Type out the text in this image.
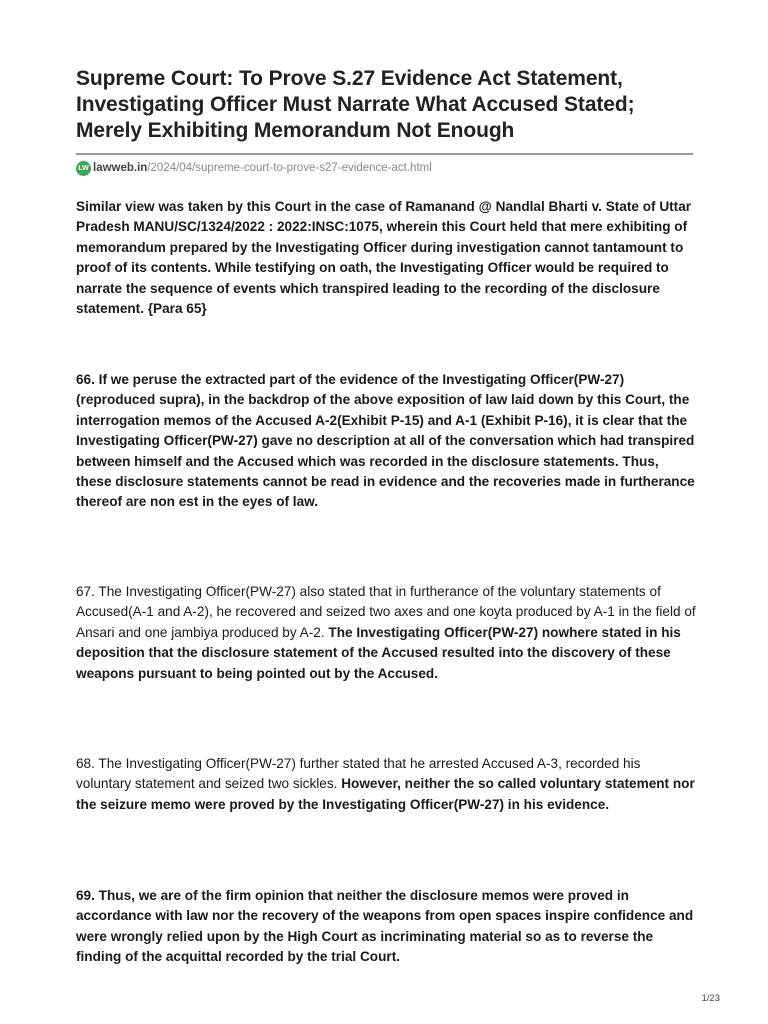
Supreme Court: To Prove S.27 Evidence Act Statement, Investigating Officer Must Narrate What Accused Stated; Merely Exhibiting Memorandum Not Enough
LW lawweb.in/2024/04/supreme-court-to-prove-s27-evidence-act.html

Similar view was taken by this Court in the case of Ramanand @ Nandlal Bharti v. State of Uttar Pradesh MANU/SC/1324/2022 : 2022:INSC:1075, wherein this Court held that mere exhibiting of memorandum prepared by the Investigating Officer during investigation cannot tantamount to proof of its contents. While testifying on oath, the Investigating Officer would be required to narrate the sequence of events which transpired leading to the recording of the disclosure statement. {Para 65}

66. If we peruse the extracted part of the evidence of the Investigating Officer(PW-27)(reproduced supra), in the backdrop of the above exposition of law laid down by this Court, the interrogation memos of the Accused A-2(Exhibit P-15) and A-1 (Exhibit P-16), it is clear that the Investigating Officer(PW-27) gave no description at all of the conversation which had transpired between himself and the Accused which was recorded in the disclosure statements. Thus, these disclosure statements cannot be read in evidence and the recoveries made in furtherance thereof are non est in the eyes of law.

67. The Investigating Officer(PW-27) also stated that in furtherance of the voluntary statements of Accused(A-1 and A-2), he recovered and seized two axes and one koyta produced by A-1 in the field of Ansari and one jambiya produced by A-2. The Investigating Officer(PW-27) nowhere stated in his deposition that the disclosure statement of the Accused resulted into the discovery of these weapons pursuant to being pointed out by the Accused.

68. The Investigating Officer(PW-27) further stated that he arrested Accused A-3, recorded his voluntary statement and seized two sickles. However, neither the so called voluntary statement nor the seizure memo were proved by the Investigating Officer(PW-27) in his evidence.

69. Thus, we are of the firm opinion that neither the disclosure memos were proved in accordance with law nor the recovery of the weapons from open spaces inspire confidence and were wrongly relied upon by the High Court as incriminating material so as to reverse the finding of the acquittal recorded by the trial Court.

1/23
